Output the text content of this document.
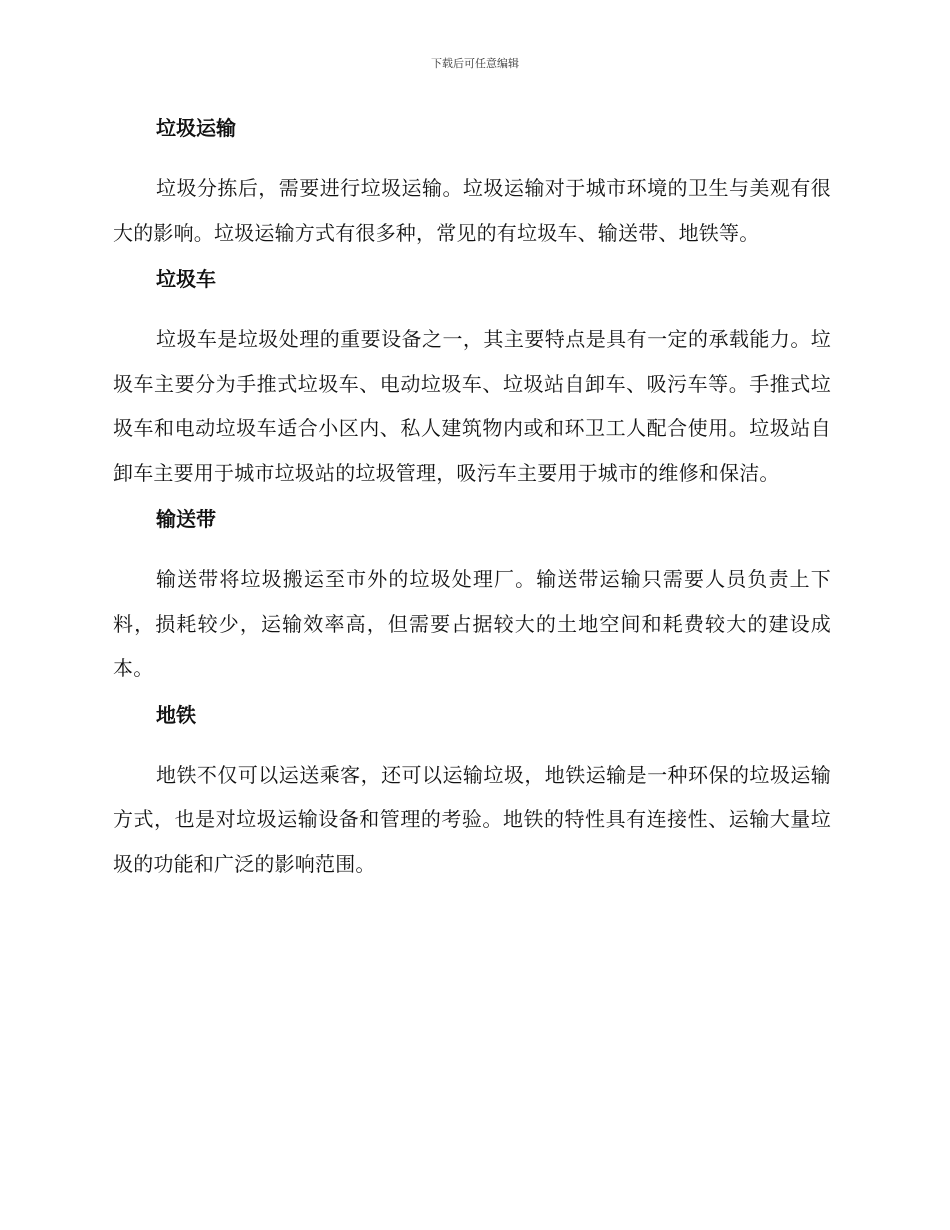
下载后可任意编辑
垃圾运输

垃圾分拣后，需要进行垃圾运输。垃圾运输对于城市环境的卫生与美观有很大的影响。垃圾运输方式有很多种，常见的有垃圾车、输送带、地铁等。

垃圾车

垃圾车是垃圾处理的重要设备之一，其主要特点是具有一定的承载能力。垃圾车主要分为手推式垃圾车、电动垃圾车、垃圾站自卸车、吸污车等。手推式垃圾车和电动垃圾车适合小区内、私人建筑物内或和环卫工人配合使用。垃圾站自卸车主要用于城市垃圾站的垃圾管理，吸污车主要用于城市的维修和保洁。

输送带

输送带将垃圾搬运至市外的垃圾处理厂。输送带运输只需要人员负责上下料，损耗较少，运输效率高，但需要占据较大的土地空间和耗费较大的建设成本。

地铁

地铁不仅可以运送乘客，还可以运输垃圾，地铁运输是一种环保的垃圾运输方式，也是对垃圾运输设备和管理的考验。地铁的特性具有连接性、运输大量垃圾的功能和广泛的影响范围。
